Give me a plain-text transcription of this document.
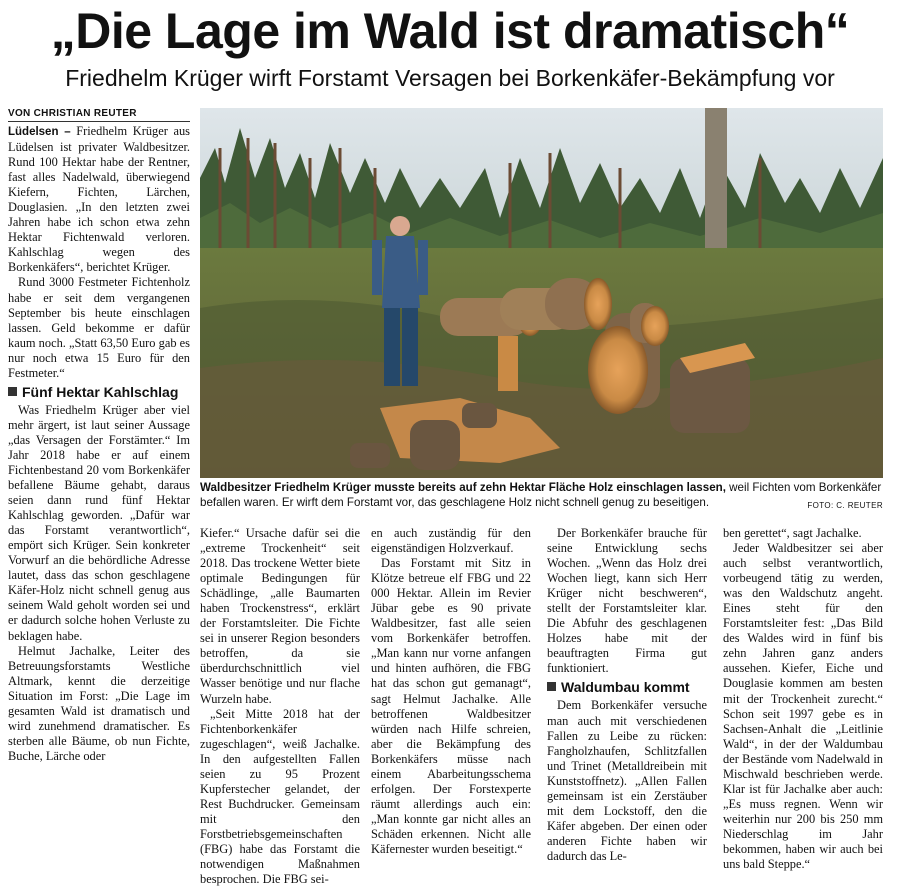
„Die Lage im Wald ist dramatisch“
Friedhelm Krüger wirft Forstamt Versagen bei Borkenkäfer-Bekämpfung vor
VON CHRISTIAN REUTER

Lüdelsen – Friedhelm Krüger aus Lüdelsen ist privater Waldbesitzer. Rund 100 Hektar habe der Rentner, fast alles Nadelwald, überwiegend Kiefern, Fichten, Lärchen, Douglasien. „In den letzten zwei Jahren habe ich schon etwa zehn Hektar Fichtenwald verloren. Kahlschlag wegen des Borkenkäfers“, berichtet Krüger.

Rund 3000 Festmeter Fichtenholz habe er seit dem vergangenen September bis heute einschlagen lassen. Geld bekomme er dafür kaum noch. „Statt 63,50 Euro gab es nur noch etwa 15 Euro für den Festmeter.“

Fünf Hektar Kahlschlag

Was Friedhelm Krüger aber viel mehr ärgert, ist laut seiner Aussage „das Versagen der Forstämter.“ Im Jahr 2018 habe er auf einem Fichtenbestand 20 vom Borkenkäfer befallene Bäume gehabt, daraus seien dann rund fünf Hektar Kahlschlag geworden. „Dafür war das Forstamt verantwortlich“, empört sich Krüger. Sein konkreter Vorwurf an die behördliche Adresse lautet, dass das schon geschlagene Käfer-Holz nicht schnell genug aus seinem Wald geholt worden sei und er dadurch solche hohen Verluste zu beklagen habe.

Helmut Jachalke, Leiter des Betreuungsforstamts Westliche Altmark, kennt die derzeitige Situation im Forst: „Die Lage im gesamten Wald ist dramatisch und wird zunehmend dramatischer. Es sterben alle Bäume, ob nun Fichte, Buche, Lärche oder

Waldbesitzer Friedhelm Krüger musste bereits auf zehn Hektar Fläche Holz einschlagen lassen, weil Fichten vom Borkenkäfer befallen waren. Er wirft dem Forstamt vor, das geschlagene Holz nicht schnell genug zu beseitigen.	FOTO: C. REUTER

Kiefer.“ Ursache dafür sei die „extreme Trockenheit“ seit 2018. Das trockene Wetter biete optimale Bedingungen für Schädlinge, „alle Baumarten haben Trockenstress“, erklärt der Forstamtsleiter. Die Fichte sei in unserer Region besonders betroffen, da sie überdurchschnittlich viel Wasser benötige und nur flache Wurzeln habe.

„Seit Mitte 2018 hat der Fichtenborkenkäfer zugeschlagen“, weiß Jachalke. In den aufgestellten Fallen seien zu 95 Prozent Kupferstecher gelandet, der Rest Buchdrucker. Gemeinsam mit den Forstbetriebsgemeinschaften (FBG) habe das Forstamt die notwendigen Maßnahmen besprochen. Die FBG sei-

en auch zuständig für den eigenständigen Holzverkauf.

Das Forstamt mit Sitz in Klötze betreue elf FBG und 22 000 Hektar. Allein im Revier Jübar gebe es 90 private Waldbesitzer, fast alle seien vom Borkenkäfer betroffen. „Man kann nur vorne anfangen und hinten aufhören, die FBG hat das schon gut gemanagt“, sagt Helmut Jachalke. Alle betroffenen Waldbesitzer würden nach Hilfe schreien, aber die Bekämpfung des Borkenkäfers müsse nach einem Abarbeitungsschema erfolgen. Der Forstexperte räumt allerdings auch ein: „Man konnte gar nicht alles an Schäden erkennen. Nicht alle Käfernester wurden beseitigt.“

Der Borkenkäfer brauche für seine Entwicklung sechs Wochen. „Wenn das Holz drei Wochen liegt, kann sich Herr Krüger nicht beschweren“, stellt der Forstamtsleiter klar. Die Abfuhr des geschlagenen Holzes habe mit der beauftragten Firma gut funktioniert.

Waldumbau kommt

Dem Borkenkäfer versuche man auch mit verschiedenen Fallen zu Leibe zu rücken: Fangholzhaufen, Schlitzfallen und Trinet (Metalldreibein mit Kunststoffnetz). „Allen Fallen gemeinsam ist ein Zerstäuber mit dem Lockstoff, den die Käfer abgeben. Der einen oder anderen Fichte haben wir dadurch das Le-

ben gerettet“, sagt Jachalke.

Jeder Waldbesitzer sei aber auch selbst verantwortlich, vorbeugend tätig zu werden, was den Waldschutz angeht. Eines steht für den Forstamtsleiter fest: „Das Bild des Waldes wird in fünf bis zehn Jahren ganz anders aussehen. Kiefer, Eiche und Douglasie kommen am besten mit der Trockenheit zurecht.“ Schon seit 1997 gebe es in Sachsen-Anhalt die „Leitlinie Wald“, in der der Waldumbau der Bestände vom Nadelwald in Mischwald beschrieben werde. Klar ist für Jachalke aber auch: „Es muss regnen. Wenn wir weiterhin nur 200 bis 250 mm Niederschlag im Jahr bekommen, haben wir auch bei uns bald Steppe.“
